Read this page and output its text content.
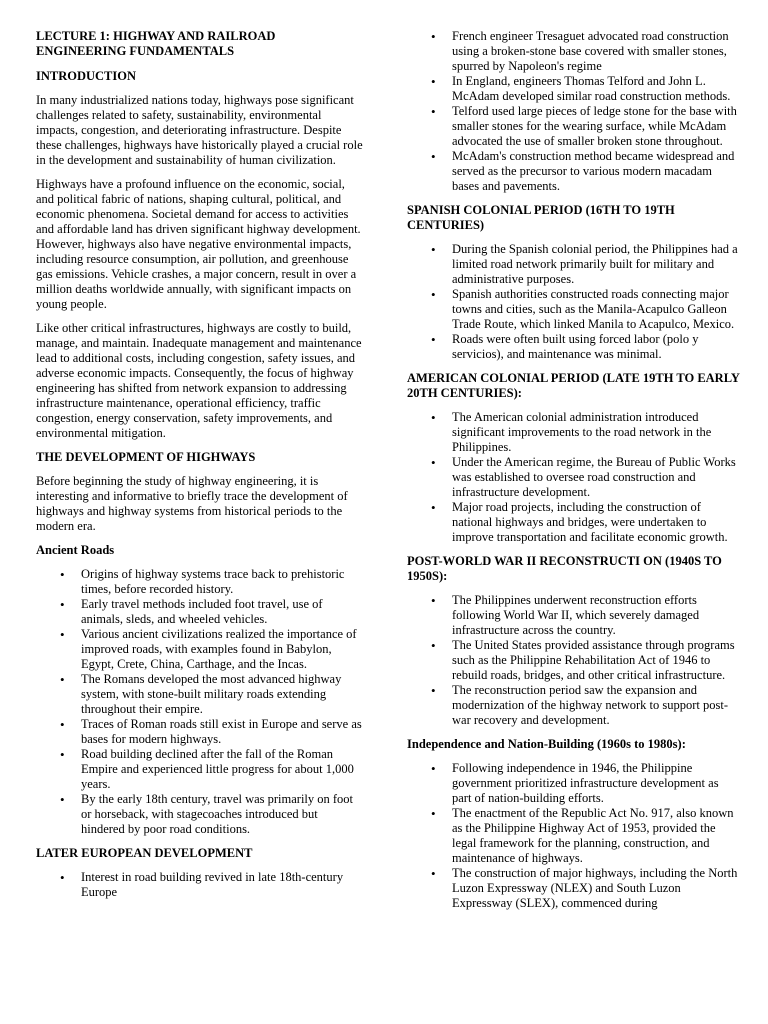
LECTURE 1: HIGHWAY AND RAILROAD ENGINEERING FUNDAMENTALS
INTRODUCTION

In many industrialized nations today, highways pose significant challenges related to safety, sustainability, environmental impacts, congestion, and deteriorating infrastructure. Despite these challenges, highways have historically played a crucial role in the development and sustainability of human civilization.

Highways have a profound influence on the economic, social, and political fabric of nations, shaping cultural, political, and economic phenomena. Societal demand for access to activities and affordable land has driven significant highway development. However, highways also have negative environmental impacts, including resource consumption, air pollution, and greenhouse gas emissions. Vehicle crashes, a major concern, result in over a million deaths worldwide annually, with significant impacts on young people.

Like other critical infrastructures, highways are costly to build, manage, and maintain. Inadequate management and maintenance lead to additional costs, including congestion, safety issues, and adverse economic impacts. Consequently, the focus of highway engineering has shifted from network expansion to addressing infrastructure maintenance, operational efficiency, traffic congestion, energy conservation, safety improvements, and environmental mitigation.

THE DEVELOPMENT OF HIGHWAYS

Before beginning the study of highway engineering, it is interesting and informative to briefly trace the development of highways and highway systems from historical periods to the modern era.

Ancient Roads
• Origins of highway systems trace back to prehistoric times, before recorded history.
• Early travel methods included foot travel, use of animals, sleds, and wheeled vehicles.
• Various ancient civilizations realized the importance of improved roads, with examples found in Babylon, Egypt, Crete, China, Carthage, and the Incas.
• The Romans developed the most advanced highway system, with stone-built military roads extending throughout their empire.
• Traces of Roman roads still exist in Europe and serve as bases for modern highways.
• Road building declined after the fall of the Roman Empire and experienced little progress for about 1,000 years.
• By the early 18th century, travel was primarily on foot or horseback, with stagecoaches introduced but hindered by poor road conditions.
LATER EUROPEAN DEVELOPMENT
• Interest in road building revived in late 18th-century Europe
• French engineer Tresaguet advocated road construction using a broken-stone base covered with smaller stones, spurred by Napoleon's regime
• In England, engineers Thomas Telford and John L. McAdam developed similar road construction methods.
• Telford used large pieces of ledge stone for the base with smaller stones for the wearing surface, while McAdam advocated the use of smaller broken stone throughout.
• McAdam's construction method became widespread and served as the precursor to various modern macadam bases and pavements.
SPANISH COLONIAL PERIOD (16TH TO 19TH CENTURIES)
• During the Spanish colonial period, the Philippines had a limited road network primarily built for military and administrative purposes.
• Spanish authorities constructed roads connecting major towns and cities, such as the Manila-Acapulco Galleon Trade Route, which linked Manila to Acapulco, Mexico.
• Roads were often built using forced labor (polo y servicios), and maintenance was minimal.
AMERICAN COLONIAL PERIOD (LATE 19TH TO EARLY 20TH CENTURIES):
• The American colonial administration introduced significant improvements to the road network in the Philippines.
• Under the American regime, the Bureau of Public Works was established to oversee road construction and infrastructure development.
• Major road projects, including the construction of national highways and bridges, were undertaken to improve transportation and facilitate economic growth.
POST-WORLD WAR II RECONSTRUCTI ON (1940S TO 1950S):
• The Philippines underwent reconstruction efforts following World War II, which severely damaged infrastructure across the country.
• The United States provided assistance through programs such as the Philippine Rehabilitation Act of 1946 to rebuild roads, bridges, and other critical infrastructure.
• The reconstruction period saw the expansion and modernization of the highway network to support post-war recovery and development.
Independence and Nation-Building (1960s to 1980s):
• Following independence in 1946, the Philippine government prioritized infrastructure development as part of nation-building efforts.
• The enactment of the Republic Act No. 917, also known as the Philippine Highway Act of 1953, provided the legal framework for the planning, construction, and maintenance of highways.
• The construction of major highways, including the North Luzon Expressway (NLEX) and South Luzon Expressway (SLEX), commenced during
